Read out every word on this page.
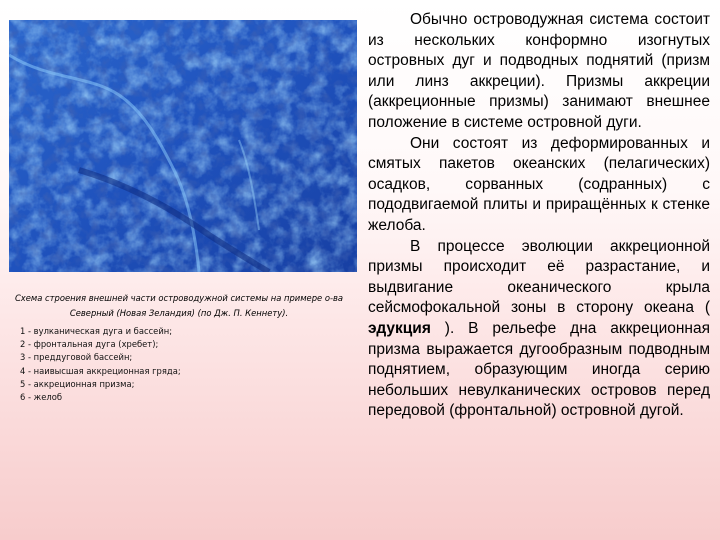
Схема строения внешней части островодужной системы на примере о-ва Северный (Новая Зеландия) (по Дж. П. Кеннету).
1 - вулканическая дуга и бассейн;
2 - фронтальная дуга (хребет);
3 - преддуговой бассейн;
4 - наивысшая аккреционная гряда;
5 - аккреционная призма;
6 - желоб

Обычно островодужная система состоит из нескольких конформно изогнутых островных дуг и подводных поднятий (призм или линз аккреции). Призмы аккреции (аккреционные призмы) занимают внешнее положение в системе островной дуги.

Они состоят из деформированных и смятых пакетов океанских (пелагических) осадков, сорванных (содранных) с пододвигаемой плиты и приращённых к стенке желоба.

В процессе эволюции аккреционной призмы происходит её разрастание, и выдвигание океанического крыла сейсмофокальной зоны в сторону океана ( эдукция ). В рельефе дна аккреционная призма выражается дугообразным подводным поднятием, образующим иногда серию небольших невулканических островов перед передовой (фронтальной) островной дугой.
